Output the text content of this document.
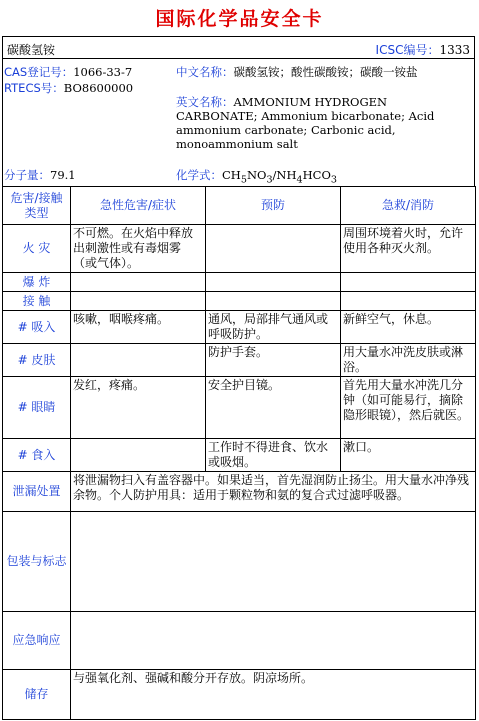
国际化学品安全卡
碳酸氢铵	ICSC编号：1333
CAS登记号：1066-33-7
RTECS号：BO8600000
中文名称：碳酸氢铵；酸性碳酸铵；碳酸一铵盐
英文名称：AMMONIUM HYDROGEN CARBONATE; Ammonium bicarbonate; Acid ammonium carbonate; Carbonic acid, monoammonium salt
分子量：79.1	化学式：$CH_5NO_3/NH_4HCO_3$
危害/接触类型	急性危害/症状	预防	急救/消防
火 灾	不可燃。在火焰中释放出刺激性或有毒烟雾（或气体）。		周围环境着火时，允许使用各种灭火剂。
爆 炸			
接 触			
# 吸入	咳嗽，咽喉疼痛。	通风，局部排气通风或呼吸防护。	新鲜空气，休息。
# 皮肤		防护手套。	用大量水冲洗皮肤或淋浴。
# 眼睛	发红，疼痛。	安全护目镜。	首先用大量水冲洗几分钟（如可能易行，摘除隐形眼镜），然后就医。
# 食入		工作时不得进食、饮水或吸烟。	漱口。
泄漏处置	将泄漏物扫入有盖容器中。如果适当，首先湿润防止扬尘。用大量水冲净残余物。个人防护用具：适用于颗粒物和氨的复合式过滤呼吸器。		
包装与标志			
应急响应			
储存	与强氧化剂、强碱和酸分开存放。阴凉场所。		
